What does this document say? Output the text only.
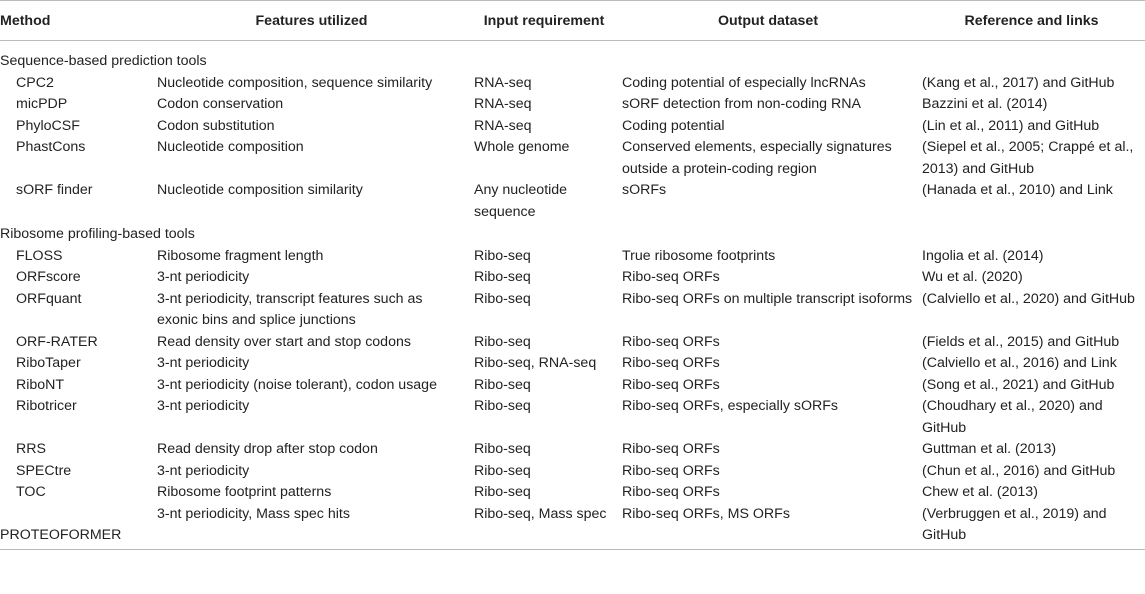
Method	Features utilized	Input requirement	Output dataset	Reference and links
Sequence-based prediction tools				
CPC2	Nucleotide composition, sequence similarity	RNA-seq	Coding potential of especially lncRNAs	(Kang et al., 2017) and GitHub
micPDP	Codon conservation	RNA-seq	sORF detection from non-coding RNA	Bazzini et al. (2014)
PhyloCSF	Codon substitution	RNA-seq	Coding potential	(Lin et al., 2011) and GitHub
PhastCons	Nucleotide composition	Whole genome	Conserved elements, especially signatures outside a protein-coding region	(Siepel et al., 2005; Crappé et al., 2013) and GitHub
sORF finder	Nucleotide composition similarity	Any nucleotide sequence	sORFs	(Hanada et al., 2010) and Link
Ribosome profiling-based tools				
FLOSS	Ribosome fragment length	Ribo-seq	True ribosome footprints	Ingolia et al. (2014)
ORFscore	3-nt periodicity	Ribo-seq	Ribo-seq ORFs	Wu et al. (2020)
ORFquant	3-nt periodicity, transcript features such as exonic bins and splice junctions	Ribo-seq	Ribo-seq ORFs on multiple transcript isoforms	(Calviello et al., 2020) and GitHub
ORF-RATER	Read density over start and stop codons	Ribo-seq	Ribo-seq ORFs	(Fields et al., 2015) and GitHub
RiboTaper	3-nt periodicity	Ribo-seq, RNA-seq	Ribo-seq ORFs	(Calviello et al., 2016) and Link
RiboNT	3-nt periodicity (noise tolerant), codon usage	Ribo-seq	Ribo-seq ORFs	(Song et al., 2021) and GitHub
Ribotricer	3-nt periodicity	Ribo-seq	Ribo-seq ORFs, especially sORFs	(Choudhary et al., 2020) and GitHub
RRS	Read density drop after stop codon	Ribo-seq	Ribo-seq ORFs	Guttman et al. (2013)
SPECtre	3-nt periodicity	Ribo-seq	Ribo-seq ORFs	(Chun et al., 2016) and GitHub
TOC	Ribosome footprint patterns	Ribo-seq	Ribo-seq ORFs	Chew et al. (2013)
PROTEOFORMER	3-nt periodicity, Mass spec hits	Ribo-seq, Mass spec	Ribo-seq ORFs, MS ORFs	(Verbruggen et al., 2019) and GitHub
